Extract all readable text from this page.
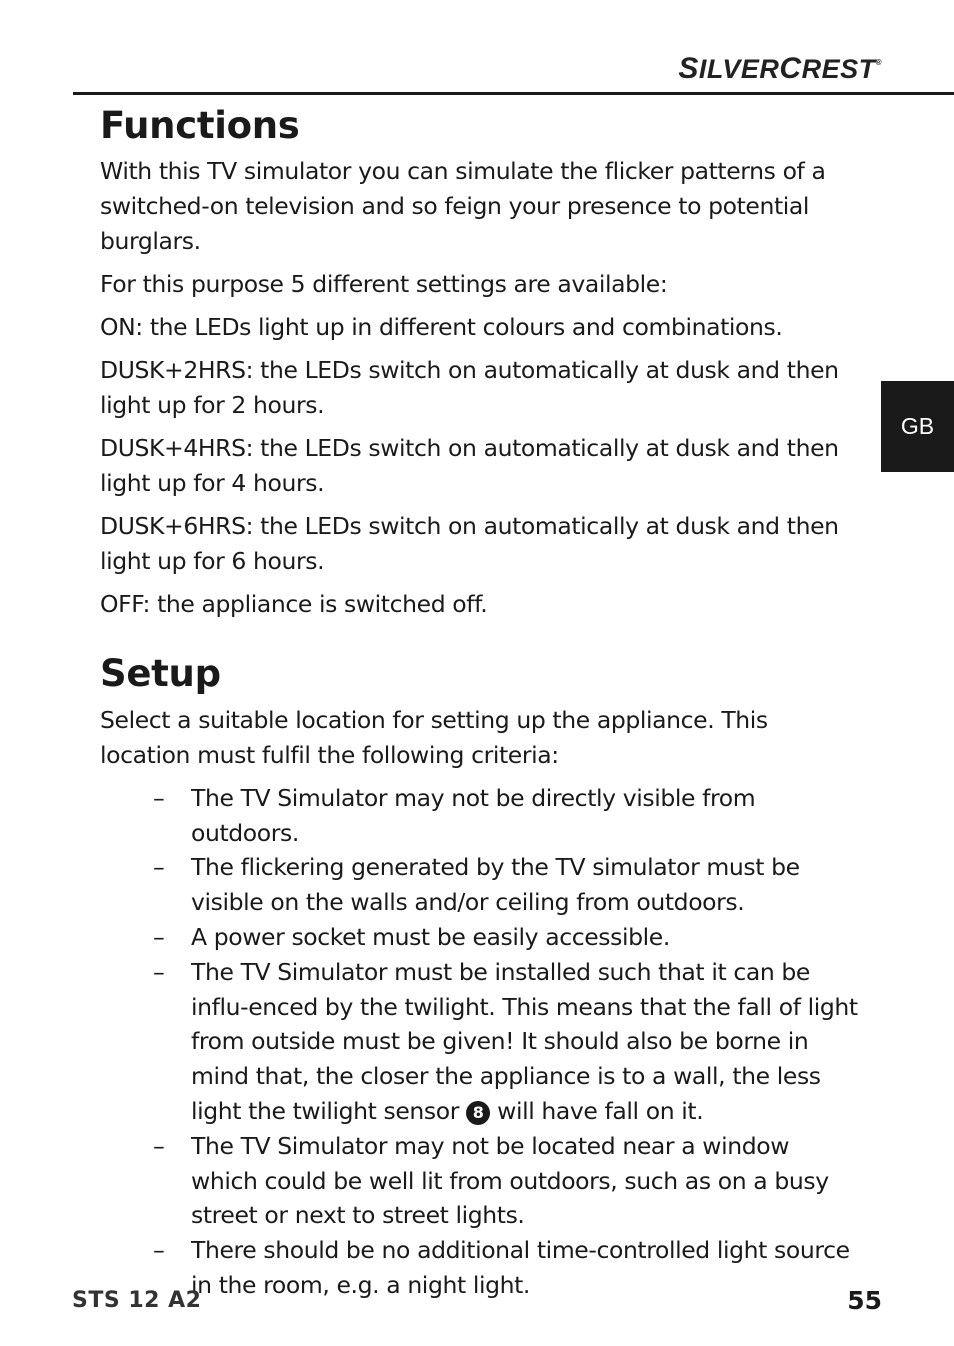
SILVERCREST®
GB
Functions

With this TV simulator you can simulate the flicker patterns of a switched-on television and so feign your presence to potential burglars.

For this purpose 5 different settings are available:

ON: the LEDs light up in different colours and combinations.

DUSK+2HRS: the LEDs switch on automatically at dusk and then light up for 2 hours.

DUSK+4HRS: the LEDs switch on automatically at dusk and then light up for 4 hours.

DUSK+6HRS: the LEDs switch on automatically at dusk and then light up for 6 hours.

OFF: the appliance is switched off.

Setup

Select a suitable location for setting up the appliance. This location must fulfil the following criteria:

– The TV Simulator may not be directly visible from outdoors.
– The flickering generated by the TV simulator must be visible on the walls and/or ceiling from outdoors.
– A power socket must be easily accessible.
– The TV Simulator must be installed such that it can be influ-enced by the twilight. This means that the fall of light from outside must be given! It should also be borne in mind that, the closer the appliance is to a wall, the less light the twilight sensor 8 will have fall on it.
– The TV Simulator may not be located near a window which could be well lit from outdoors, such as on a busy street or next to street lights.
– There should be no additional time-controlled light source in the room, e.g. a night light.
STS 12 A2	55
